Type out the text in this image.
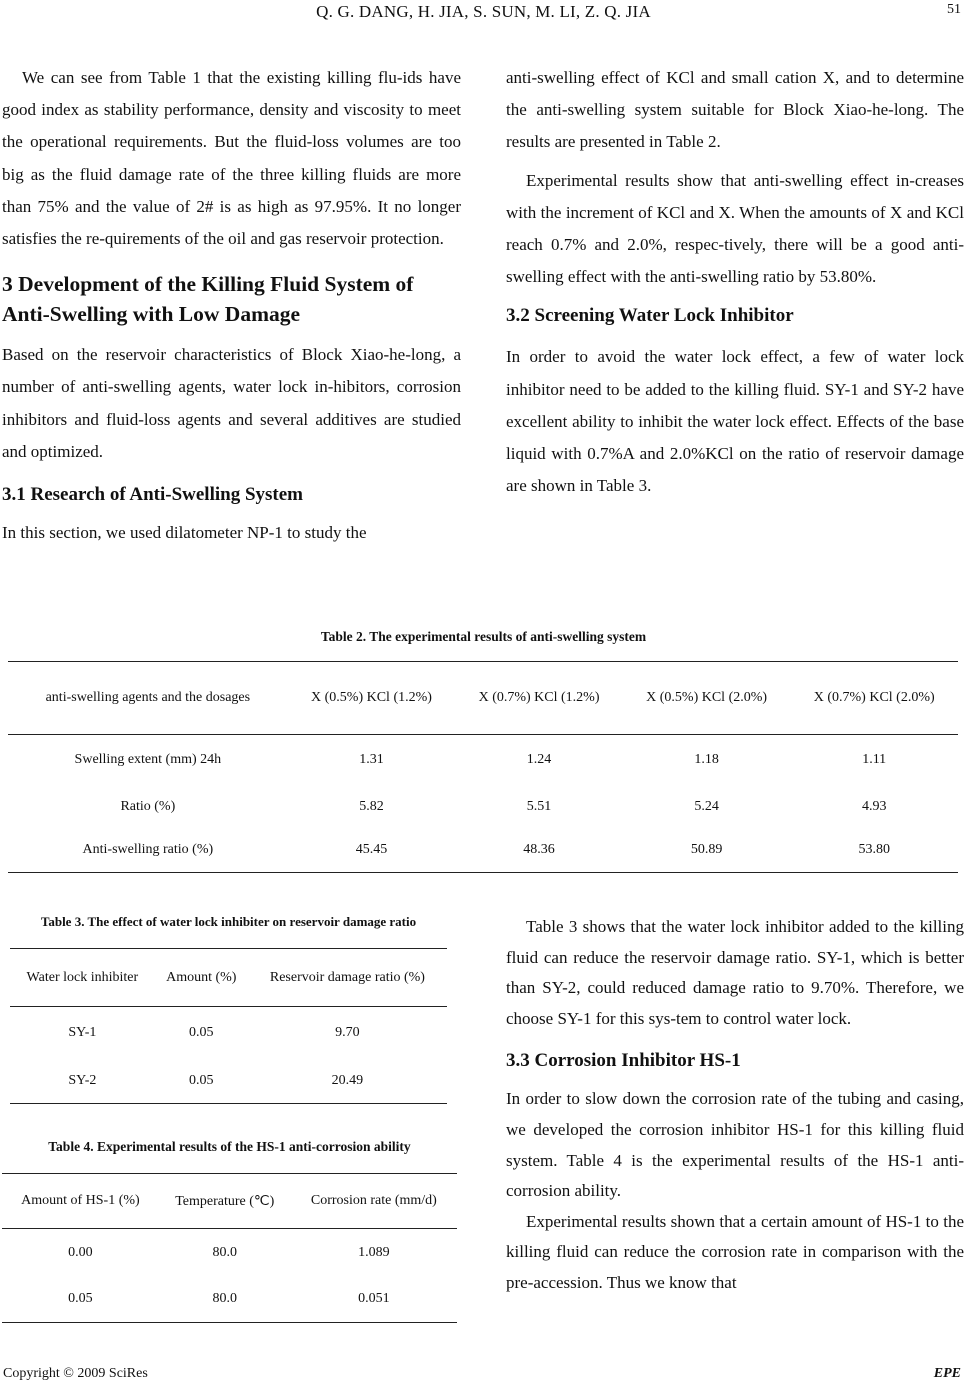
Q. G. DANG, H. JIA, S. SUN, M. LI, Z. Q. JIA	51

We can see from Table 1 that the existing killing flu-ids have good index as stability performance, density and viscosity to meet the operational requirements. But the fluid-loss volumes are too big as the fluid damage rate of the three killing fluids are more than 75% and the value of 2# is as high as 97.95%. It no longer satisfies the re-quirements of the oil and gas reservoir protection.

3 Development of the Killing Fluid System of Anti-Swelling with Low Damage

Based on the reservoir characteristics of Block Xiao-he-long, a number of anti-swelling agents, water lock in-hibitors, corrosion inhibitors and fluid-loss agents and several additives are studied and optimized.

3.1 Research of Anti-Swelling System

In this section, we used dilatometer NP-1 to study the

anti-swelling effect of KCl and small cation X, and to determine the anti-swelling system suitable for Block Xiao-he-long. The results are presented in Table 2.

Experimental results show that anti-swelling effect in-creases with the increment of KCl and X. When the amounts of X and KCl reach 0.7% and 2.0%, respec-tively, there will be a good anti-swelling effect with the anti-swelling ratio by 53.80%.

3.2 Screening Water Lock Inhibitor

In order to avoid the water lock effect, a few of water lock inhibitor need to be added to the killing fluid. SY-1 and SY-2 have excellent ability to inhibit the water lock effect. Effects of the base liquid with 0.7%A and 2.0%KCl on the ratio of reservoir damage are shown in Table 3.

Table 2. The experimental results of anti-swelling system
anti-swelling agents and the dosages	X (0.5%) KCl (1.2%)	X (0.7%) KCl (1.2%)	X (0.5%) KCl (2.0%)	X (0.7%) KCl (2.0%)
Swelling extent (mm) 24h	1.31	1.24	1.18	1.11
Ratio (%)	5.82	5.51	5.24	4.93
Anti-swelling ratio (%)	45.45	48.36	50.89	53.80
Table 3. The effect of water lock inhibiter on reservoir damage ratio
Water lock inhibiter	Amount (%)	Reservoir damage ratio (%)
SY-1	0.05	9.70
SY-2	0.05	20.49
Table 4. Experimental results of the HS-1 anti-corrosion ability
Amount of HS-1 (%)	Temperature (℃)	Corrosion rate (mm/d)
0.00	80.0	1.089
0.05	80.0	0.051

Table 3 shows that the water lock inhibitor added to the killing fluid can reduce the reservoir damage ratio. SY-1, which is better than SY-2, could reduced damage ratio to 9.70%. Therefore, we choose SY-1 for this sys-tem to control water lock.

3.3 Corrosion Inhibitor HS-1

In order to slow down the corrosion rate of the tubing and casing, we developed the corrosion inhibitor HS-1 for this killing fluid system. Table 4 is the experimental results of the HS-1 anti-corrosion ability.

Experimental results shown that a certain amount of HS-1 to the killing fluid can reduce the corrosion rate in comparison with the pre-accession. Thus we know that

Copyright © 2009 SciRes	EPE
